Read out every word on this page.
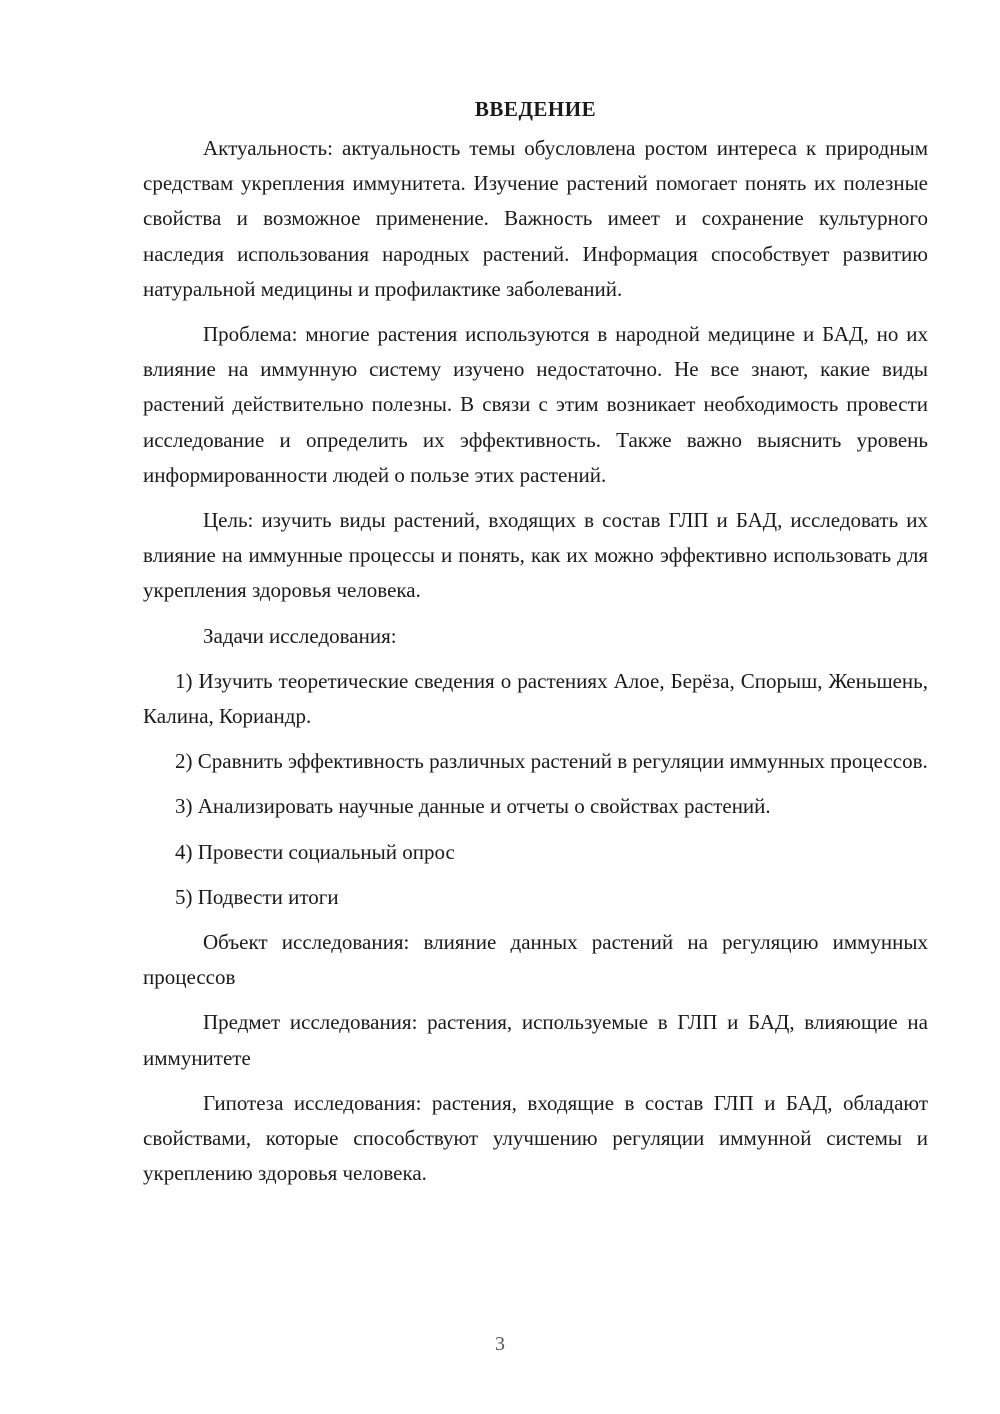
ВВЕДЕНИЕ

Актуальность: актуальность темы обусловлена ростом интереса к природным средствам укрепления иммунитета. Изучение растений помогает понять их полезные свойства и возможное применение. Важность имеет и сохранение культурного наследия использования народных растений. Информация способствует развитию натуральной медицины и профилактике заболеваний.

Проблема: многие растения используются в народной медицине и БАД, но их влияние на иммунную систему изучено недостаточно. Не все знают, какие виды растений действительно полезны. В связи с этим возникает необходимость провести исследование и определить их эффективность. Также важно выяснить уровень информированности людей о пользе этих растений.

Цель: изучить виды растений, входящих в состав ГЛП и БАД, исследовать их влияние на иммунные процессы и понять, как их можно эффективно использовать для укрепления здоровья человека.

Задачи исследования:

1) Изучить теоретические сведения о растениях Алое, Берёза, Спорыш, Женьшень, Калина, Кориандр.

2) Сравнить эффективность различных растений в регуляции иммунных процессов.

3) Анализировать научные данные и отчеты о свойствах растений.

4) Провести социальный опрос

5) Подвести итоги

Объект исследования: влияние данных растений на регуляцию иммунных процессов

Предмет исследования: растения, используемые в ГЛП и БАД, влияющие на иммунитете

Гипотеза исследования: растения, входящие в состав ГЛП и БАД, обладают свойствами, которые способствуют улучшению регуляции иммунной системы и укреплению здоровья человека.

3
